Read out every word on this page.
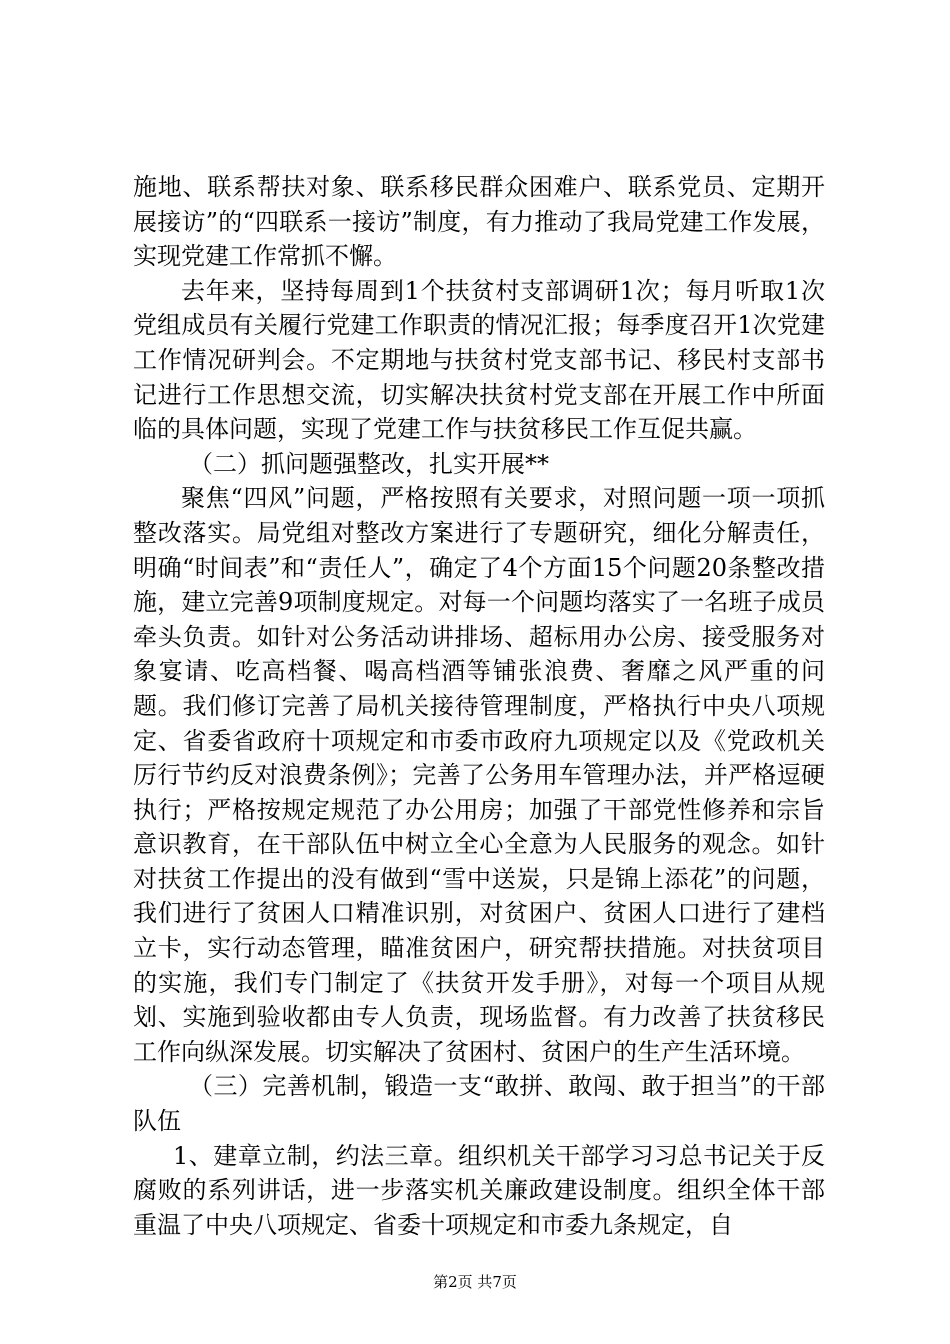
施地、联系帮扶对象、联系移民群众困难户、联系党员、定期开展接访”的“四联系一接访”制度，有力推动了我局党建工作发展，实现党建工作常抓不懈。

去年来，坚持每周到1个扶贫村支部调研1次；每月听取1次党组成员有关履行党建工作职责的情况汇报；每季度召开1次党建工作情况研判会。不定期地与扶贫村党支部书记、移民村支部书记进行工作思想交流，切实解决扶贫村党支部在开展工作中所面临的具体问题，实现了党建工作与扶贫移民工作互促共赢。

（二）抓问题强整改，扎实开展**

聚焦“四风”问题，严格按照有关要求，对照问题一项一项抓整改落实。局党组对整改方案进行了专题研究，细化分解责任，明确“时间表”和“责任人”，确定了4个方面15个问题20条整改措施，建立完善9项制度规定。对每一个问题均落实了一名班子成员牵头负责。如针对公务活动讲排场、超标用办公房、接受服务对象宴请、吃高档餐、喝高档酒等铺张浪费、奢靡之风严重的问题。我们修订完善了局机关接待管理制度，严格执行中央八项规定、省委省政府十项规定和市委市政府九项规定以及《党政机关厉行节约反对浪费条例》；完善了公务用车管理办法，并严格逗硬执行；严格按规定规范了办公用房；加强了干部党性修养和宗旨意识教育，在干部队伍中树立全心全意为人民服务的观念。如针对扶贫工作提出的没有做到“雪中送炭，只是锦上添花”的问题，我们进行了贫困人口精准识别，对贫困户、贫困人口进行了建档立卡，实行动态管理，瞄准贫困户，研究帮扶措施。对扶贫项目的实施，我们专门制定了《扶贫开发手册》，对每一个项目从规划、实施到验收都由专人负责，现场监督。有力改善了扶贫移民工作向纵深发展。切实解决了贫困村、贫困户的生产生活环境。

（三）完善机制，锻造一支“敢拼、敢闯、敢于担当”的干部队伍

1、建章立制，约法三章。组织机关干部学习习总书记关于反腐败的系列讲话，进一步落实机关廉政建设制度。组织全体干部重温了中央八项规定、省委十项规定和市委九条规定，自

第2页 共7页
